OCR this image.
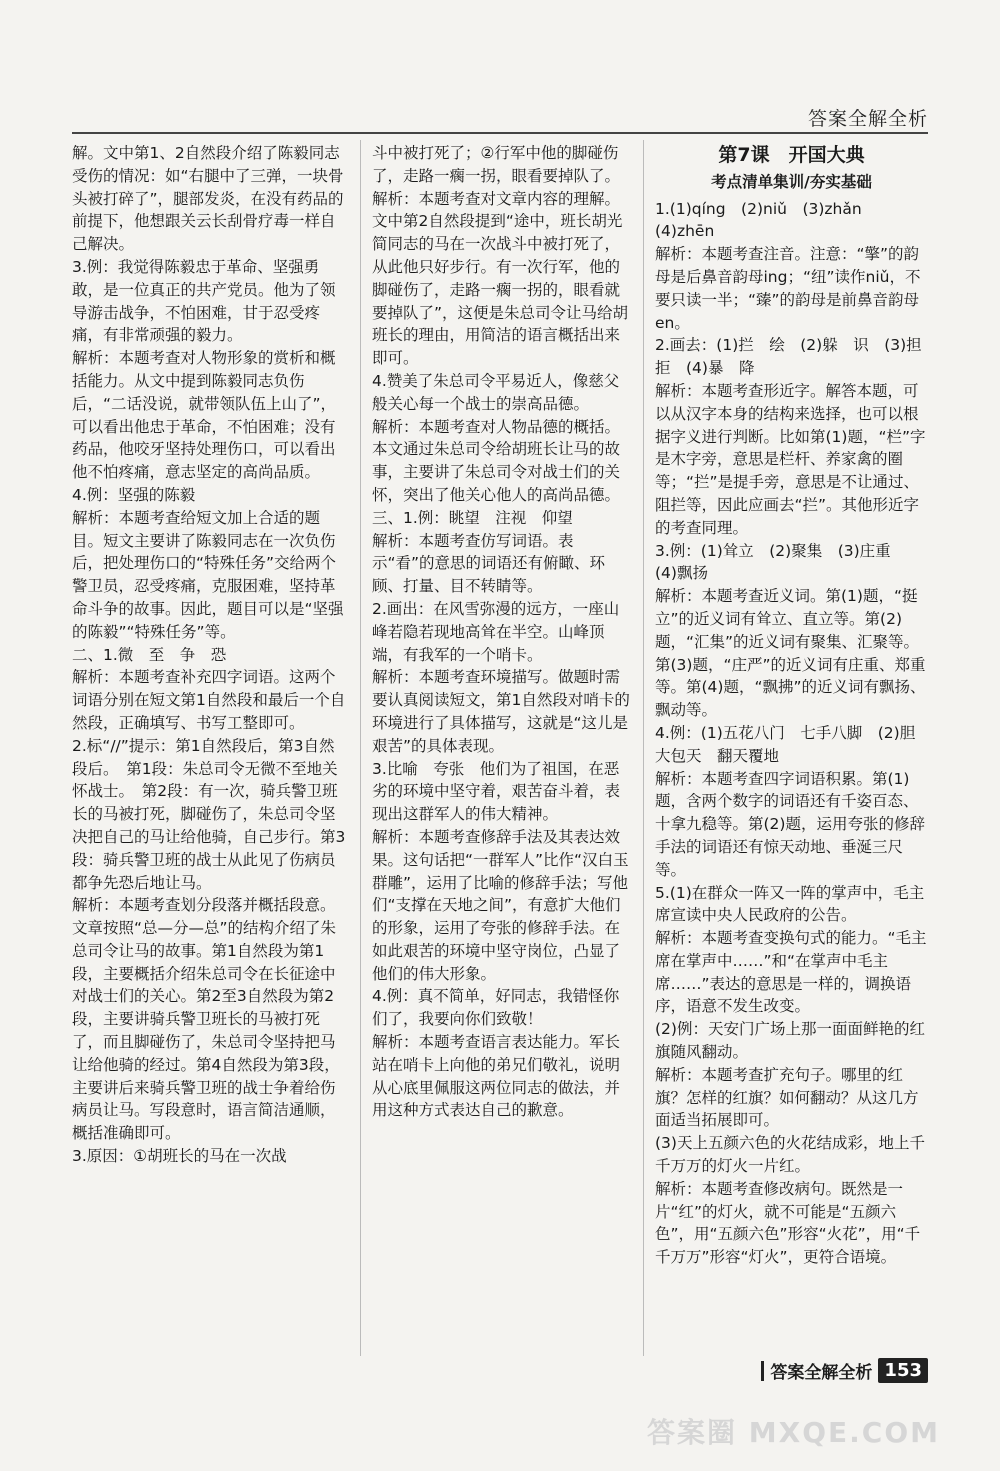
答案全解全析

解。文中第1、2自然段介绍了陈毅同志受伤的情况：如“右腿中了三弹，一块骨头被打碎了”，腿部发炎，在没有药品的前提下，他想跟关云长刮骨疗毒一样自己解决。

3.例：我觉得陈毅忠于革命、坚强勇敢，是一位真正的共产党员。他为了领导游击战争，不怕困难，甘于忍受疼痛，有非常顽强的毅力。

解析：本题考查对人物形象的赏析和概括能力。从文中提到陈毅同志负伤后，“二话没说，就带领队伍上山了”，可以看出他忠于革命，不怕困难；没有药品，他咬牙坚持处理伤口，可以看出他不怕疼痛，意志坚定的高尚品质。

4.例：坚强的陈毅

解析：本题考查给短文加上合适的题目。短文主要讲了陈毅同志在一次负伤后，把处理伤口的“特殊任务”交给两个警卫员，忍受疼痛，克服困难，坚持革命斗争的故事。因此，题目可以是“坚强的陈毅”“特殊任务”等。

二、1.微　至　争　恐

解析：本题考查补充四字词语。这两个词语分别在短文第1自然段和最后一个自然段，正确填写、书写工整即可。

2.标“//”提示：第1自然段后，第3自然段后。　第1段：朱总司令无微不至地关怀战士。　第2段：有一次，骑兵警卫班长的马被打死，脚碰伤了，朱总司令坚决把自己的马让给他骑，自己步行。第3段：骑兵警卫班的战士从此见了伤病员都争先恐后地让马。

解析：本题考查划分段落并概括段意。文章按照“总—分—总”的结构介绍了朱总司令让马的故事。第1自然段为第1段，主要概括介绍朱总司令在长征途中对战士们的关心。第2至3自然段为第2段，主要讲骑兵警卫班长的马被打死了，而且脚碰伤了，朱总司令坚持把马让给他骑的经过。第4自然段为第3段，主要讲后来骑兵警卫班的战士争着给伤病员让马。写段意时，语言简洁通顺，概括准确即可。

3.原因：①胡班长的马在一次战

斗中被打死了；②行军中他的脚碰伤了，走路一瘸一拐，眼看要掉队了。

解析：本题考查对文章内容的理解。文中第2自然段提到“途中，班长胡光简同志的马在一次战斗中被打死了，从此他只好步行。有一次行军，他的脚碰伤了，走路一瘸一拐的，眼看就要掉队了”，这便是朱总司令让马给胡班长的理由，用简洁的语言概括出来即可。

4.赞美了朱总司令平易近人，像慈父般关心每一个战士的崇高品德。

解析：本题考查对人物品德的概括。本文通过朱总司令给胡班长让马的故事，主要讲了朱总司令对战士们的关怀，突出了他关心他人的高尚品德。

三、1.例：眺望　注视　仰望

解析：本题考查仿写词语。表示“看”的意思的词语还有俯瞰、环顾、打量、目不转睛等。

2.画出：在风雪弥漫的远方，一座山峰若隐若现地高耸在半空。山峰顶端，有我军的一个哨卡。

解析：本题考查环境描写。做题时需要认真阅读短文，第1自然段对哨卡的环境进行了具体描写，这就是“这儿是艰苦”的具体表现。

3.比喻　夸张　他们为了祖国，在恶劣的环境中坚守着，艰苦奋斗着，表现出这群军人的伟大精神。

解析：本题考查修辞手法及其表达效果。这句话把“一群军人”比作“汉白玉群雕”，运用了比喻的修辞手法；写他们“支撑在天地之间”，有意扩大他们的形象，运用了夸张的修辞手法。在如此艰苦的环境中坚守岗位，凸显了他们的伟大形象。

4.例：真不简单，好同志，我错怪你们了，我要向你们致敬！

解析：本题考查语言表达能力。军长站在哨卡上向他的弟兄们敬礼，说明从心底里佩服这两位同志的做法，并用这种方式表达自己的歉意。

第7课　开国大典

考点清单集训/夯实基础

1.(1)qíng　(2)niǔ　(3)zhǎn　(4)zhēn

解析：本题考查注音。注意：“擎”的韵母是后鼻音韵母ing；“纽”读作niǔ，不要只读一半；“臻”的韵母是前鼻音韵母en。

2.画去：(1)拦　绘　(2)躲　识　(3)担　拒　(4)暴　降

解析：本题考查形近字。解答本题，可以从汉字本身的结构来选择，也可以根据字义进行判断。比如第(1)题，“栏”字是木字旁，意思是栏杆、养家禽的圈等；“拦”是提手旁，意思是不让通过、阻拦等，因此应画去“拦”。其他形近字的考查同理。

3.例：(1)耸立　(2)聚集　(3)庄重　(4)飘扬

解析：本题考查近义词。第(1)题，“挺立”的近义词有耸立、直立等。第(2)题，“汇集”的近义词有聚集、汇聚等。第(3)题，“庄严”的近义词有庄重、郑重等。第(4)题，“飘拂”的近义词有飘扬、飘动等。

4.例：(1)五花八门　七手八脚　(2)胆大包天　翻天覆地

解析：本题考查四字词语积累。第(1)题，含两个数字的词语还有千姿百态、十拿九稳等。第(2)题，运用夸张的修辞手法的词语还有惊天动地、垂涎三尺等。

5.(1)在群众一阵又一阵的掌声中，毛主席宣读中央人民政府的公告。

解析：本题考查变换句式的能力。“毛主席在掌声中……”和“在掌声中毛主席……”表达的意思是一样的，调换语序，语意不发生改变。

(2)例：天安门广场上那一面面鲜艳的红旗随风翻动。

解析：本题考查扩充句子。哪里的红旗？怎样的红旗？如何翻动？从这几方面适当拓展即可。

(3)天上五颜六色的火花结成彩，地上千千万万的灯火一片红。

解析：本题考查修改病句。既然是一片“红”的灯火，就不可能是“五颜六色”，用“五颜六色”形容“火花”，用“千千万万”形容“灯火”，更符合语境。

答案全解全析 153
答案圈 MXQE.COM
